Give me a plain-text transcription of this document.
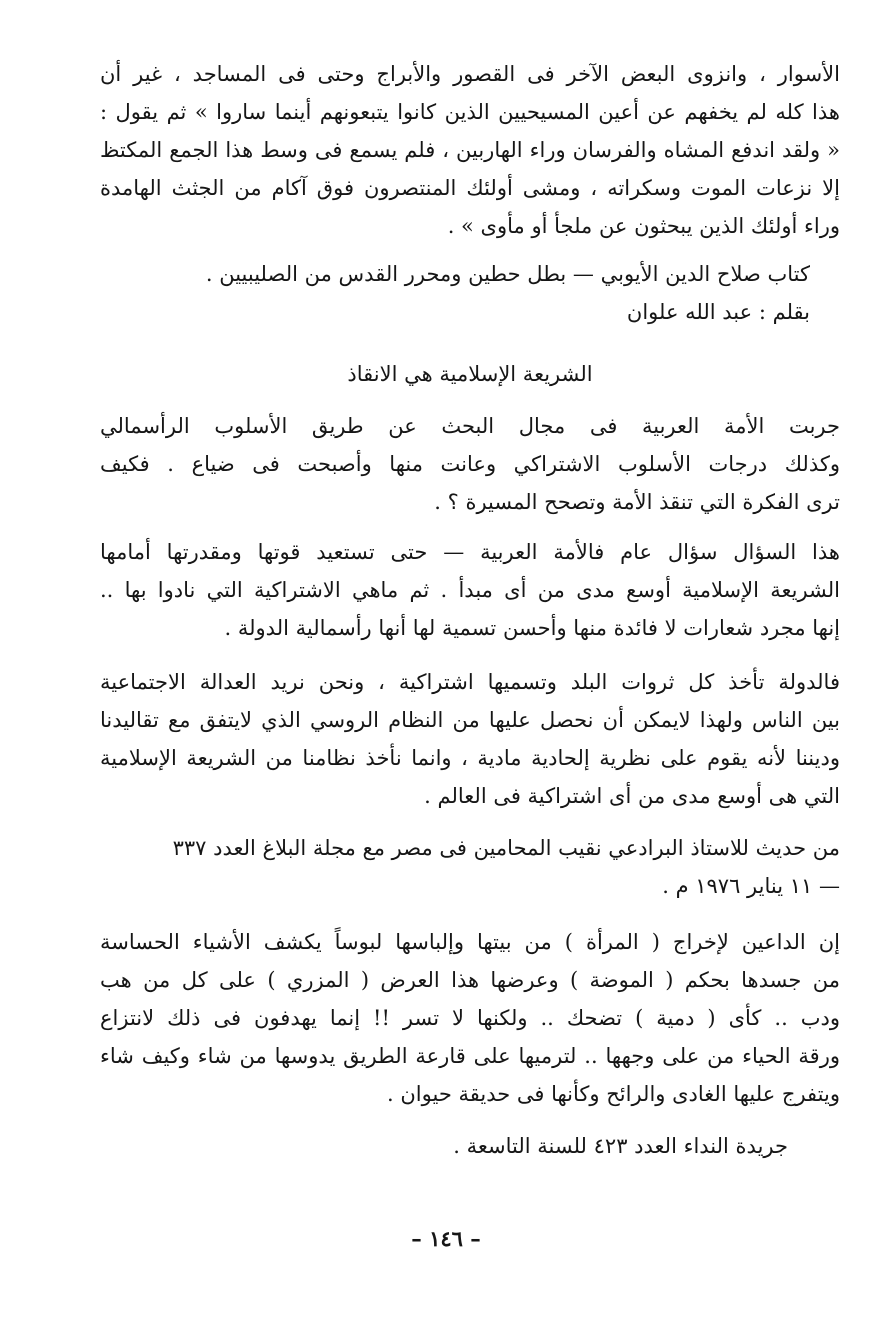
الأسوار ، وانزوى البعض الآخر فى القصور والأبراج وحتى فى المساجد ، غير أن
هذا كله لم يخفهم عن أعين المسيحيين الذين كانوا يتبعونهم أينما ساروا » ثم يقول :
« ولقد اندفع المشاه والفرسان وراء الهاربين ، فلم يسمع فى وسط هذا الجمع المكتظ
إلا نزعات الموت وسكراته ، ومشى أولئك المنتصرون فوق آكام من الجثث الهامدة
وراء أولئك الذين يبحثون عن ملجأ أو مأوى » .
كتاب صلاح الدين الأيوبي — بطل حطين ومحرر القدس من الصليبيين .
بقلم : عبد الله علوان
الشريعة الإسلامية هي الانقاذ
جربت الأمة العربية فى مجال البحث عن طريق الأسلوب الرأسمالي
وكذلك درجات الأسلوب الاشتراكي وعانت منها وأصبحت فى ضياع . فكيف
ترى الفكرة التي تنقذ الأمة وتصحح المسيرة ؟ .
هذا السؤال سؤال عام فالأمة العربية — حتى تستعيد قوتها ومقدرتها أمامها
الشريعة الإسلامية أوسع مدى من أى مبدأ . ثم ماهي الاشتراكية التي نادوا بها ..
إنها مجرد شعارات لا فائدة منها وأحسن تسمية لها أنها رأسمالية الدولة .
فالدولة تأخذ كل ثروات البلد وتسميها اشتراكية ، ونحن نريد العدالة الاجتماعية
بين الناس ولهذا لايمكن أن نحصل عليها من النظام الروسي الذي لايتفق مع تقاليدنا
وديننا لأنه يقوم على نظرية إلحادية مادية ، وانما نأخذ نظامنا من الشريعة الإسلامية
التي هى أوسع مدى من أى اشتراكية فى العالم .
من حديث للاستاذ البرادعي نقيب المحامين فى مصر مع مجلة البلاغ العدد ٣٣٧
— ١١ يناير ١٩٧٦ م .
إن الداعين لإخراج ( المرأة ) من بيتها وإلباسها لبوساً يكشف الأشياء الحساسة
من جسدها بحكم ( الموضة ) وعرضها هذا العرض ( المزري ) على كل من هب
ودب .. كأى ( دمية ) تضحك .. ولكنها لا تسر !! إنما يهدفون فى ذلك لانتزاع
ورقة الحياء من على وجهها .. لترميها على قارعة الطريق يدوسها من شاء وكيف شاء
ويتفرج عليها الغادى والرائح وكأنها فى حديقة حيوان .
جريدة النداء العدد ٤٢٣ للسنة التاسعة .
– ١٤٦ –
